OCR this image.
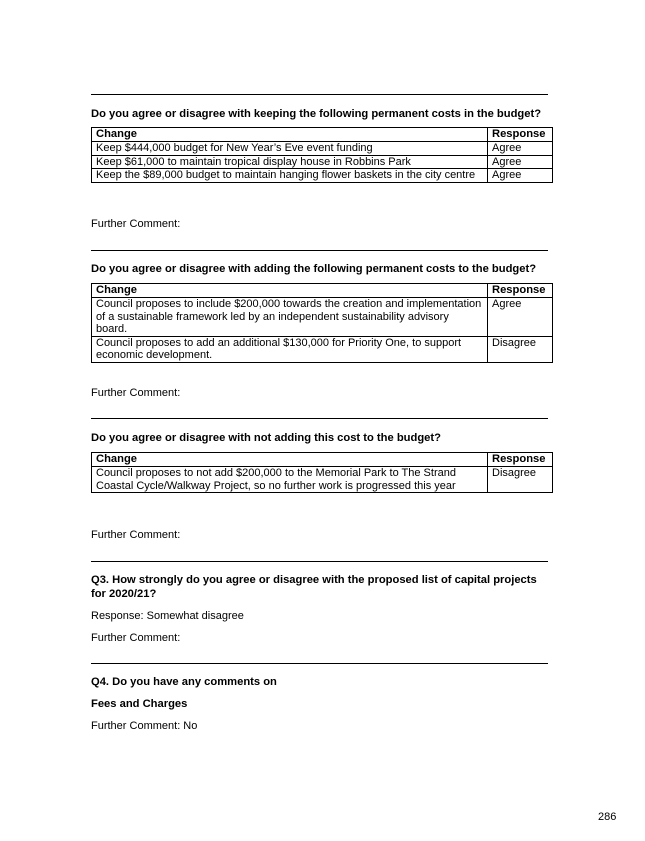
Do you agree or disagree with keeping the following permanent costs in the budget?
Change	Response
Keep $444,000 budget for New Year’s Eve event funding	Agree
Keep $61,000 to maintain tropical display house in Robbins Park	Agree
Keep the $89,000 budget to maintain hanging flower baskets in the city centre	Agree
Further Comment:
Do you agree or disagree with adding the following permanent costs to the budget?
Change	Response
Council proposes to include $200,000 towards the creation and implementation of a sustainable framework led by an independent sustainability advisory board.	Agree
Council proposes to add an additional $130,000 for Priority One, to support economic development.	Disagree
Further Comment:
Do you agree or disagree with not adding this cost to the budget?
Change	Response
Council proposes to not add $200,000 to the Memorial Park to The Strand Coastal Cycle/Walkway Project, so no further work is progressed this year	Disagree
Further Comment:
Q3. How strongly do you agree or disagree with the proposed list of capital projects for 2020/21?
Response: Somewhat disagree
Further Comment:
Q4. Do you have any comments on
Fees and Charges
Further Comment: No
286
